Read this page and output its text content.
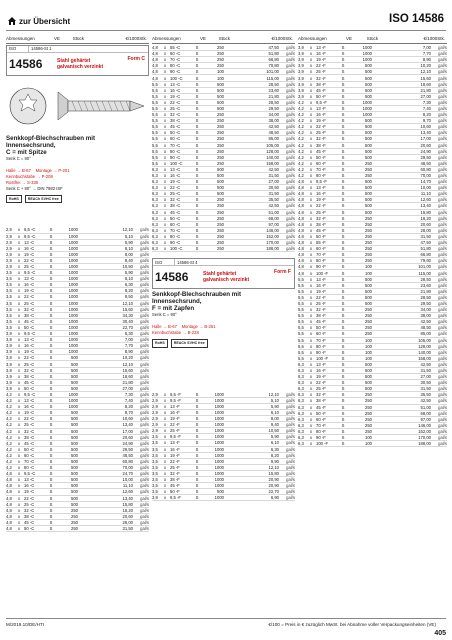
zur Übersicht	ISO 14586
Abmessungen	VE	Stück	€/1000Stk.
ISO	14586-St 1
14586	Stahl gehärtet
galvanisch verzinkt
Form C
Senkkopf-Blechschrauben mit
Innensechsrund,
C = mit Spitze
Senk C = 90°
Halle → B-67 Montage → P-201
Kennbuchstabe → P-208
Rostfrei → S-330
Senk C + 80° → DIN 7982 ISF
RoHS	REACh SVHC free
2,9	x 6,5 -C	S	1000	12,10	gal/s
2,9	x 9,5 -C	S	1000	5,10	gal/s
2,9	x 13 -C	S	1000	5,90	gal/s
2,9	x 16 -C	S	1000	6,10	gal/s
2,9	x 19 -C	S	1000	8,00	gal/s
2,9	x 22 -C	S	1000	9,40	gal/s
2,9	x 25 -C	S	1000	10,50	gal/s
3,5	x 9,5 -C	S	1000	5,90	gal/s
3,5	x 13 -C	S	1000	6,10	gal/s
3,5	x 16 -C	S	1000	6,30	gal/s
3,5	x 19 -C	S	1000	8,20	gal/s
3,5	x 22 -C	S	1000	9,50	gal/s
3,5	x 25 -C	S	1000	12,10	gal/s
3,5	x 32 -C	S	1000	15,60	gal/s
3,5	x 38 -C	S	1000	34,30	gal/s
3,5	x 45 -C	S	1000	30,40	gal/s
3,5	x 50 -C	S	1000	22,70	gal/s
3,9	x 9,5 -C	S	1000	6,30	gal/s
3,9	x 13 -C	S	1000	7,00	gal/s
3,9	x 16 -C	S	1000	7,70	gal/s
3,9	x 19 -C	S	1000	8,90	gal/s
3,9	x 22 -C	S	500	10,20	gal/s
3,9	x 25 -C	S	500	12,10	gal/s
3,9	x 32 -C	S	500	15,60	gal/s
3,9	x 38 -C	S	500	18,60	gal/s
3,9	x 45 -C	S	500	21,80	gal/s
3,9	x 50 -C	S	500	27,00	gal/s
4,2	x 9,5 -C	S	1000	7,30	gal/s
4,2	x 13 -C	S	1000	7,40	gal/s
4,2	x 16 -C	S	1000	8,20	gal/s
4,2	x 19 -C	S	500	9,70	gal/s
4,2	x 22 -C	S	500	10,60	gal/s
4,2	x 25 -C	S	500	13,40	gal/s
4,2	x 32 -C	S	500	17,00	gal/s
4,2	x 38 -C	S	500	20,60	gal/s
4,2	x 45 -C	S	500	24,90	gal/s
4,2	x 50 -C	S	500	29,50	gal/s
4,2	x 60 -C	S	500	48,50	gal/s
4,2	x 70 -C	S	500	60,80	gal/s
4,2	x 80 -C	S	500	70,00	gal/s
4,8	x 9,5 -C	S	500	24,70	gal/s
4,8	x 13 -C	S	500	10,00	gal/s
4,8	x 16 -C	S	500	11,10	gal/s
4,8	x 19 -C	S	500	12,60	gal/s
4,8	x 22 -C	S	500	13,40	gal/s
4,8	x 25 -C	S	500	15,80	gal/s
4,8	x 32 -C	S	250	18,20	gal/s
4,8	x 38 -C	S	250	20,60	gal/s
4,8	x 45 -C	S	250	28,00	gal/s
4,8	x 50 -C	S	250	31,50	gal/s
Abmessungen	VE	Stück	€/1000Stk.
4,8	x 55 -C	S	250	47,50	gal/s
4,8	x 60 -C	S	250	51,80	gal/s
4,8	x 70 -C	S	250	66,80	gal/s
4,8	x 80 -C	S	250	70,80	gal/s
4,8	x 90 -C	S	100	101,00	gal/s
4,8	x 100 -C	S	100	115,00	gal/s
5,5	x 13 -C	S	500	28,50	gal/s
5,5	x 16 -C	S	500	23,60	gal/s
5,5	x 19 -C	S	500	21,80	gal/s
5,5	x 22 -C	S	500	28,50	gal/s
5,5	x 25 -C	S	500	29,50	gal/s
5,5	x 32 -C	S	250	34,00	gal/s
5,5	x 38 -C	S	250	38,00	gal/s
5,5	x 45 -C	S	250	42,50	gal/s
5,5	x 50 -C	S	250	48,50	gal/s
5,5	x 60 -C	S	250	85,00	gal/s
5,5	x 70 -C	S	250	105,00	gal/s
5,5	x 80 -C	S	250	128,00	gal/s
5,5	x 90 -C	S	250	140,00	gal/s
5,5	x 100 -C	S	250	158,00	gal/s
6,3	x 13 -C	S	500	42,50	gal/s
6,3	x 16 -C	S	500	31,50	gal/s
6,3	x 19 -C	S	500	27,00	gal/s
6,3	x 22 -C	S	500	30,50	gal/s
6,3	x 25 -C	S	500	31,50	gal/s
6,3	x 32 -C	S	250	35,50	gal/s
6,3	x 38 -C	S	250	42,50	gal/s
6,3	x 45 -C	S	250	51,00	gal/s
6,3	x 50 -C	S	250	68,00	gal/s
6,3	x 60 -C	S	250	97,00	gal/s
6,3	x 70 -C	S	250	146,00	gal/s
6,3	x 80 -C	S	250	152,00	gal/s
6,3	x 90 -C	S	250	170,00	gal/s
6,3	x 100 -C	S	250	188,00	gal/s
ISO	14586-St 4
14586	Stahl gehärtet
galvanisch verzinkt
Form F
Senkkopf-Blechschrauben mit
Innensechsrund,
F = mit Zapfen
Senk C = 90°
Halle → B-67 Montage → B-251
Kennbuchstabe → B-228
RoHS	REACh SVHC free
2,9	x 6,5 -F	S	1000	12,10	gal/s
2,9	x 9,5 -F	S	1000	5,10	gal/s
2,9	x 13 -F	S	1000	5,90	gal/s
2,9	x 16 -F	S	1000	6,10	gal/s
2,9	x 19 -F	S	1000	8,00	gal/s
2,9	x 22 -F	S	1000	9,40	gal/s
2,9	x 25 -F	S	1000	10,50	gal/s
3,5	x 9,5 -F	S	1000	5,90	gal/s
3,5	x 13 -F	S	1000	6,10	gal/s
3,5	x 16 -F	S	1000	6,30	gal/s
3,5	x 19 -F	S	1000	8,20	gal/s
3,5	x 22 -F	S	1000	9,90	gal/s
3,5	x 25 -F	S	1000	12,10	gal/s
3,5	x 32 -F	S	1000	15,80	gal/s
3,5	x 38 -F	S	1000	20,90	gal/s
3,5	x 45 -F	S	1000	20,90	gal/s
3,5	x 50 -F	S	500	22,70	gal/s
3,9	x 9,5 -F	S	1000	6,90	gal/s
Abmessungen	VE	Stück	€/1000Stk.
3,9	x 13 -F	S	1000	7,00	gal/s
3,9	x 16 -F	S	1000	7,70	gal/s
3,9	x 19 -F	S	1000	8,90	gal/s
3,9	x 22 -F	S	500	10,20	gal/s
3,9	x 25 -F	S	500	12,10	gal/s
3,9	x 32 -F	S	500	15,60	gal/s
3,9	x 38 -F	S	500	18,60	gal/s
3,9	x 45 -F	S	500	21,80	gal/s
3,9	x 50 -F	S	500	27,00	gal/s
4,2	x 9,5 -F	S	1000	7,30	gal/s
4,2	x 13 -F	S	1000	7,40	gal/s
4,2	x 16 -F	S	1000	8,20	gal/s
4,2	x 19 -F	S	500	9,70	gal/s
4,2	x 22 -F	S	500	10,60	gal/s
4,2	x 25 -F	S	500	13,40	gal/s
4,2	x 32 -F	S	500	17,00	gal/s
4,2	x 38 -F	S	500	20,60	gal/s
4,2	x 45 -F	S	500	24,90	gal/s
4,2	x 50 -F	S	500	29,50	gal/s
4,2	x 60 -F	S	250	48,50	gal/s
4,2	x 70 -F	S	250	60,80	gal/s
4,2	x 80 -F	S	250	70,00	gal/s
4,8	x 9,5 -F	S	500	14,70	gal/s
4,8	x 13 -F	S	500	10,00	gal/s
4,8	x 16 -F	S	500	11,10	gal/s
4,8	x 19 -F	S	500	12,60	gal/s
4,8	x 22 -F	S	500	13,40	gal/s
4,8	x 25 -F	S	500	15,80	gal/s
4,8	x 32 -F	S	250	18,20	gal/s
4,8	x 38 -F	S	250	20,60	gal/s
4,8	x 45 -F	S	250	28,00	gal/s
4,8	x 50 -F	S	250	31,50	gal/s
4,8	x 55 -F	S	250	47,50	gal/s
4,8	x 60 -F	S	250	51,80	gal/s
4,8	x 70 -F	S	250	66,80	gal/s
4,8	x 80 -F	S	250	79,60	gal/s
4,8	x 90 -F	S	100	101,00	gal/s
4,8	x 100 -F	S	100	115,00	gal/s
5,5	x 13 -F	S	500	28,50	gal/s
5,5	x 16 -F	S	500	23,60	gal/s
5,5	x 19 -F	S	500	21,80	gal/s
5,5	x 22 -F	S	500	28,50	gal/s
5,5	x 25 -F	S	500	29,50	gal/s
5,5	x 32 -F	S	250	34,00	gal/s
5,5	x 38 -F	S	250	38,00	gal/s
5,5	x 45 -F	S	250	42,50	gal/s
5,5	x 50 -F	S	250	48,50	gal/s
5,5	x 60 -F	S	250	85,00	gal/s
5,5	x 70 -F	S	100	105,00	gal/s
5,5	x 80 -F	S	100	128,00	gal/s
5,5	x 90 -F	S	100	140,00	gal/s
5,5	x 100 -F	S	100	158,00	gal/s
6,3	x 13 -F	S	500	42,50	gal/s
6,3	x 16 -F	S	500	31,50	gal/s
6,3	x 19 -F	S	500	27,00	gal/s
6,3	x 22 -F	S	500	30,50	gal/s
6,3	x 25 -F	S	500	31,50	gal/s
6,3	x 32 -F	S	250	35,50	gal/s
6,3	x 38 -F	S	250	42,50	gal/s
6,3	x 45 -F	S	250	51,00	gal/s
6,3	x 50 -F	S	250	68,00	gal/s
6,3	x 60 -F	S	250	97,00	gal/s
6,3	x 70 -F	S	250	146,00	gal/s
6,3	x 80 -F	S	250	152,00	gal/s
6,3	x 90 -F	S	100	170,00	gal/s
6,3	x 100 -F	S	100	188,00	gal/s
M/2019.10/DE/HTI	€/100 = Preis in € zuzüglich MwSt. bei Abnahme voller Verpackungseinheiten (VE)
405
